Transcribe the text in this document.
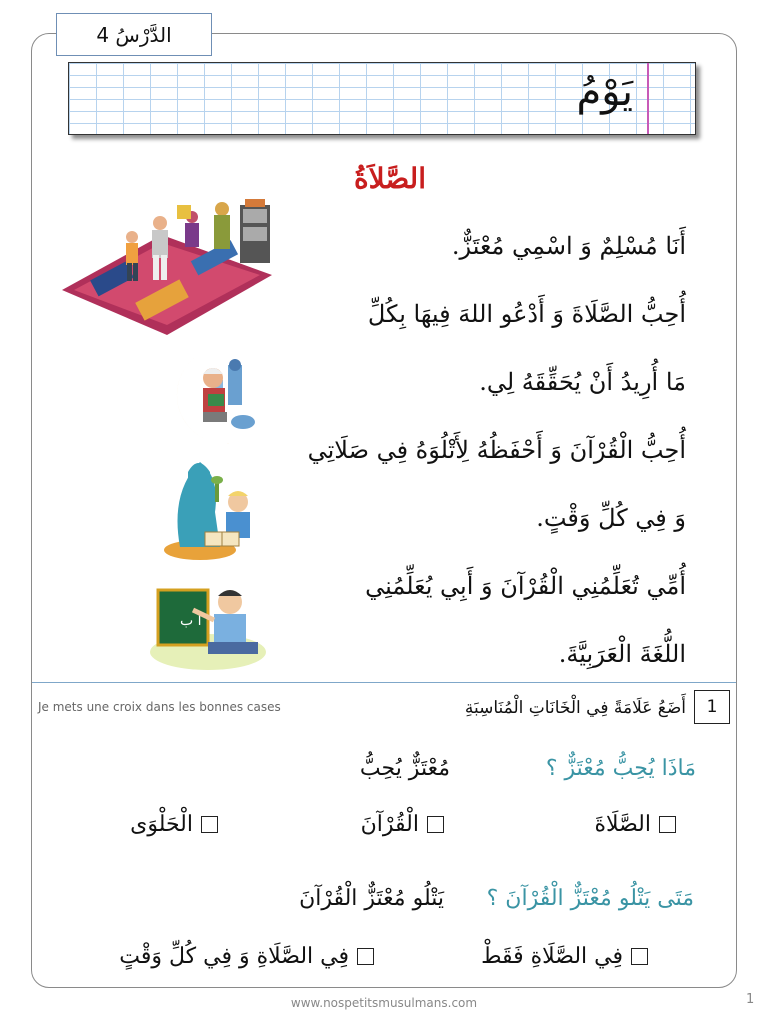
الدَّرْسُ 4
يَوْمُ
الصَّلاَةُ
أَنَا مُسْلِمٌ وَ اسْمِي مُعْتَزٌّ.
أُحِبُّ الصَّلَاةَ وَ أَدْعُو اللهَ فِيهَا بِكُلِّ
مَا أُرِيدُ أَنْ يُحَقِّقَهُ لِي.
أُحِبُّ الْقُرْآنَ وَ أَحْفَظُهُ لِأَتْلُوَهُ فِي صَلَاتِي
وَ فِي كُلِّ وَقْتٍ.
أُمِّي تُعَلِّمُنِي الْقُرْآنَ وَ أَبِي يُعَلِّمُنِي
اللُّغَةَ الْعَرَبِيَّةَ.
أ ب
Je mets une croix dans les bonnes cases	أَضَعُ عَلَامَةً فِي الْخَانَاتِ الْمُنَاسِبَةِ	1
مَاذَا يُحِبُّ مُعْتَزٌّ ؟
مُعْتَزٌّ يُحِبُّ
الصَّلَاةَ
الْقُرْآنَ
الْحَلْوَى
مَتَى يَتْلُو مُعْتَزٌّ الْقُرْآنَ ؟
يَتْلُو مُعْتَزٌّ الْقُرْآنَ
فِي الصَّلَاةِ فَقَطْ
فِي الصَّلَاةِ وَ فِي كُلِّ وَقْتٍ
www.nospetitsmusulmans.com	1
